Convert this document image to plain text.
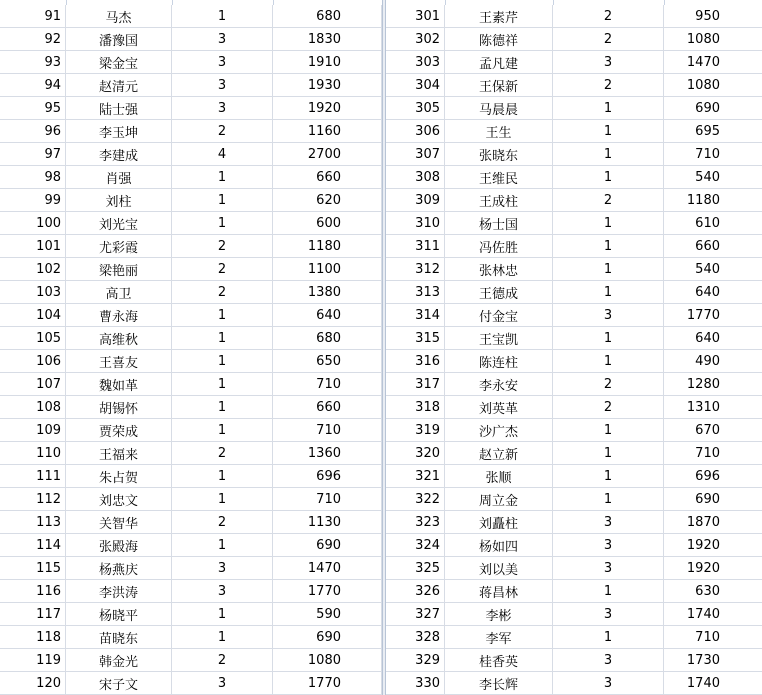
91	马杰	1	680
92	潘豫国	3	1830
93	梁金宝	3	1910
94	赵清元	3	1930
95	陆士强	3	1920
96	李玉坤	2	1160
97	李建成	4	2700
98	肖强	1	660
99	刘柱	1	620
100	刘光宝	1	600
101	尤彩霞	2	1180
102	梁艳丽	2	1100
103	高卫	2	1380
104	曹永海	1	640
105	高维秋	1	680
106	王喜友	1	650
107	魏如革	1	710
108	胡锡怀	1	660
109	贾荣成	1	710
110	王福来	2	1360
111	朱占贺	1	696
112	刘忠文	1	710
113	关智华	2	1130
114	张殿海	1	690
115	杨燕庆	3	1470
116	李洪涛	3	1770
117	杨晓平	1	590
118	苗晓东	1	690
119	韩金光	2	1080
120	宋子文	3	1770
301	王素芹	2	950
302	陈德祥	2	1080
303	孟凡建	3	1470
304	王保新	2	1080
305	马晨晨	1	690
306	王生	1	695
307	张晓东	1	710
308	王维民	1	540
309	王成柱	2	1180
310	杨士国	1	610
311	冯佐胜	1	660
312	张林忠	1	540
313	王德成	1	640
314	付金宝	3	1770
315	王宝凯	1	640
316	陈连柱	1	490
317	李永安	2	1280
318	刘英革	2	1310
319	沙广杰	1	670
320	赵立新	1	710
321	张顺	1	696
322	周立金	1	690
323	刘矗柱	3	1870
324	杨如四	3	1920
325	刘以美	3	1920
326	蒋昌林	1	630
327	李彬	3	1740
328	李军	1	710
329	桂香英	3	1730
330	李长辉	3	1740
